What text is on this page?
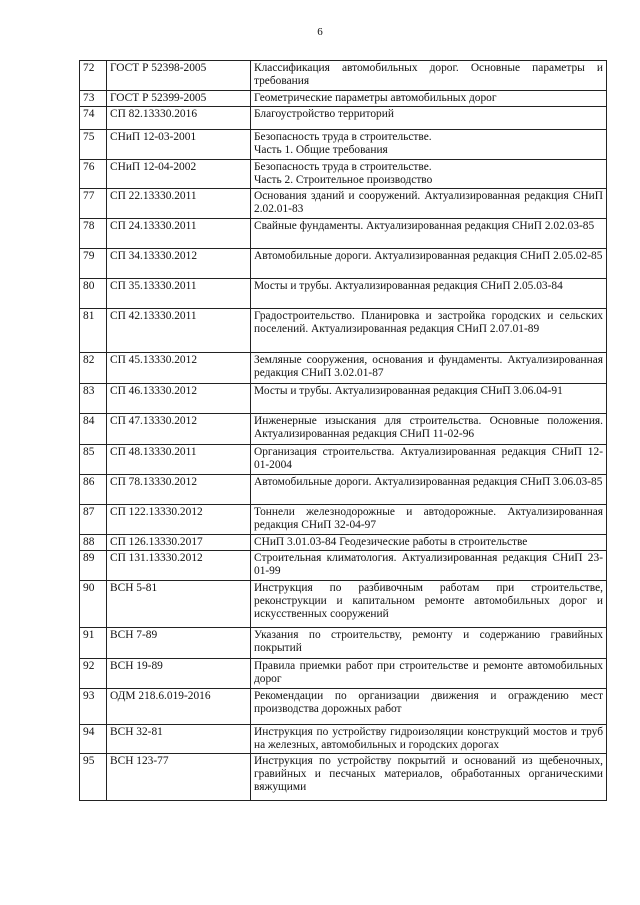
6
72	ГОСТ Р 52398-2005	Классификация автомобильных дорог. Основные параметры и требования

73	ГОСТ Р 52399-2005	Геометрические параметры автомобильных дорог

74	СП 82.13330.2016	Благоустройство территорий

75	СНиП 12-03-2001	Безопасность труда в строительстве.
Часть 1. Общие требования

76	СНиП 12-04-2002	Безопасность труда в строительстве.
Часть 2. Строительное производство

77	СП 22.13330.2011	Основания зданий и сооружений. Актуализированная редакция СНиП 2.02.01-83

78	СП 24.13330.2011	Свайные фундаменты. Актуализированная редакция СНиП 2.02.03-85

79	СП 34.13330.2012	Автомобильные дороги. Актуализированная редакция СНиП 2.05.02-85

80	СП 35.13330.2011	Мосты и трубы. Актуализированная редакция СНиП 2.05.03-84

81	СП 42.13330.2011	Градостроительство. Планировка и застройка городских и сельских поселений. Актуализированная редакция СНиП 2.07.01-89

82	СП 45.13330.2012	Земляные сооружения, основания и фундаменты. Актуализированная редакция СНиП 3.02.01-87

83	СП 46.13330.2012	Мосты и трубы. Актуализированная редакция СНиП 3.06.04-91

84	СП 47.13330.2012	Инженерные изыскания для строительства. Основные положения. Актуализированная редакция СНиП 11-02-96

85	СП 48.13330.2011	Организация строительства. Актуализированная редакция СНиП 12-01-2004

86	СП 78.13330.2012	Автомобильные дороги. Актуализированная редакция СНиП 3.06.03-85

87	СП 122.13330.2012	Тоннели железнодорожные и автодорожные. Актуализированная редакция СНиП 32-04-97

88	СП 126.13330.2017	СНиП 3.01.03-84 Геодезические работы в строительстве

89	СП 131.13330.2012	Строительная климатология. Актуализированная редакция СНиП 23-01-99

90	ВСН 5-81	Инструкция по разбивочным работам при строительстве, реконструкции и капитальном ремонте автомобильных дорог и искусственных сооружений

91	ВСН 7-89	Указания по строительству, ремонту и содержанию гравийных покрытий

92	ВСН 19-89	Правила приемки работ при строительстве и ремонте автомобильных дорог

93	ОДМ 218.6.019-2016	Рекомендации по организации движения и ограждению мест производства дорожных работ

94	ВСН 32-81	Инструкция по устройству гидроизоляции конструкций мостов и труб на железных, автомобильных и городских дорогах

95	ВСН 123-77	Инструкция по устройству покрытий и оснований из щебеночных, гравийных и песчаных материалов, обработанных органическими вяжущими
